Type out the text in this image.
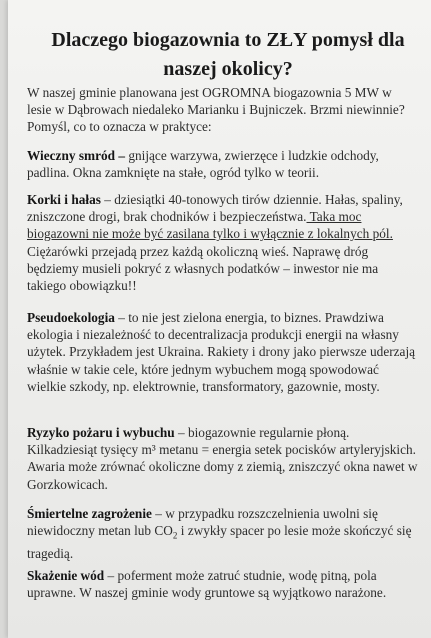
Dlaczego biogazownia to ZŁY pomysł dla naszej okolicy?

W naszej gminie planowana jest OGROMNA biogazownia 5 MW w lesie w Dąbrowach niedaleko Marianku i Bujniczek. Brzmi niewinnie? Pomyśl, co to oznacza w praktyce:

Wieczny smród – gnijące warzywa, zwierzęce i ludzkie odchody, padlina. Okna zamknięte na stałe, ogród tylko w teorii.

Korki i hałas – dziesiątki 40-tonowych tirów dziennie. Hałas, spaliny, zniszczone drogi, brak chodników i bezpieczeństwa. Taka moc biogazowni nie może być zasilana tylko i wyłącznie z lokalnych pól. Ciężarówki przejadą przez każdą okoliczną wieś. Naprawę dróg będziemy musieli pokryć z własnych podatków – inwestor nie ma takiego obowiązku!!

Pseudoekologia – to nie jest zielona energia, to biznes. Prawdziwa ekologia i niezależność to decentralizacja produkcji energii na własny użytek. Przykładem jest Ukraina. Rakiety i drony jako pierwsze uderzają właśnie w takie cele, które jednym wybuchem mogą spowodować wielkie szkody, np. elektrownie, transformatory, gazownie, mosty.

Ryzyko pożaru i wybuchu – biogazownie regularnie płoną. Kilkadziesiąt tysięcy m³ metanu = energia setek pocisków artyleryjskich. Awaria może zrównać okoliczne domy z ziemią, zniszczyć okna nawet w Gorzkowicach.

Śmiertelne zagrożenie – w przypadku rozszczelnienia uwolni się niewidoczny metan lub $CO_2$ i zwykły spacer po lesie może skończyć się tragedią.

Skażenie wód – poferment może zatruć studnie, wodę pitną, pola uprawne. W naszej gminie wody gruntowe są wyjątkowo narażone.
